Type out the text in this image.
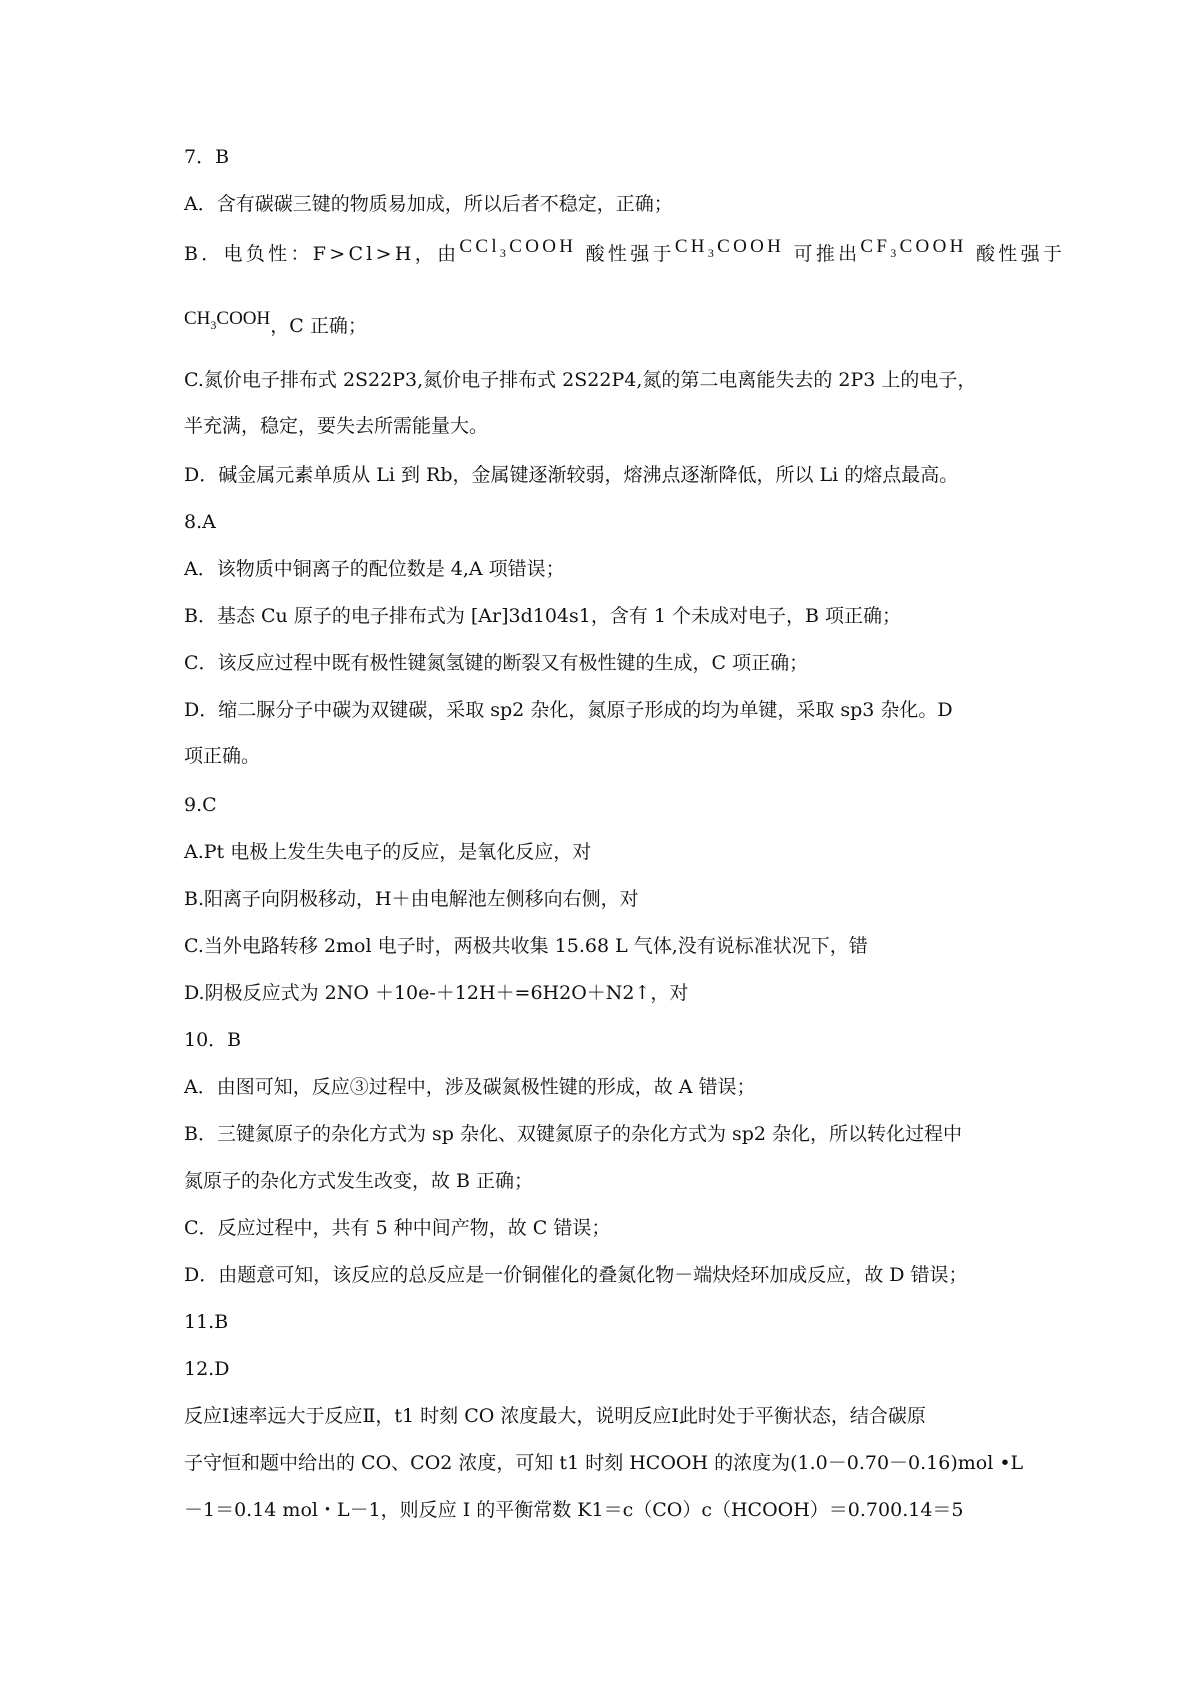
7．B
A．含有碳碳三键的物质易加成，所以后者不稳定，正确；
B．电负性：F>Cl>H，由CCl$_3$COOH 酸性强于$CH_3COOH$ 可推出$CF_3COOH$ 酸性强于
$CH_3COOH$，C 正确；
C.氮价电子排布式 2S22P3,氮价电子排布式 2S22P4,氮的第二电离能失去的 2P3 上的电子，
半充满，稳定，要失去所需能量大。
D．碱金属元素单质从 Li 到 Rb，金属键逐渐较弱，熔沸点逐渐降低，所以 Li 的熔点最高。
8.A
A．该物质中铜离子的配位数是 4,A 项错误；
B．基态 Cu 原子的电子排布式为 [Ar]3d104s1，含有 1 个未成对电子，B 项正确；
C．该反应过程中既有极性键氮氢键的断裂又有极性键的生成，C 项正确；
D．缩二脲分子中碳为双键碳，采取 sp2 杂化，氮原子形成的均为单键，采取 sp3 杂化。D
项正确。
9.C
A.Pt 电极上发生失电子的反应，是氧化反应，对
B.阳离子向阴极移动，H＋由电解池左侧移向右侧，对
C.当外电路转移 2mol 电子时，两极共收集 15.68 L 气体,没有说标准状况下，错
D.阴极反应式为 2NO ＋10e-＋12H＋=6H2O＋N2↑，对
10．B
A．由图可知，反应③过程中，涉及碳氮极性键的形成，故 A 错误；
B．三键氮原子的杂化方式为 sp 杂化、双键氮原子的杂化方式为 sp2 杂化，所以转化过程中
氮原子的杂化方式发生改变，故 B 正确；
C．反应过程中，共有 5 种中间产物，故 C 错误；
D．由题意可知，该反应的总反应是一价铜催化的叠氮化物－端炔烃环加成反应，故 D 错误；
11.B
12.D
反应Ⅰ速率远大于反应Ⅱ，t1 时刻 CO 浓度最大，说明反应Ⅰ此时处于平衡状态，结合碳原
子守恒和题中给出的 CO、CO2 浓度，可知 t1 时刻 HCOOH 的浓度为(1.0－0.70－0.16)mol •L
－1＝0.14 mol・L－1，则反应 I 的平衡常数 K1＝c（CO）c（HCOOH）＝0.700.14＝5
